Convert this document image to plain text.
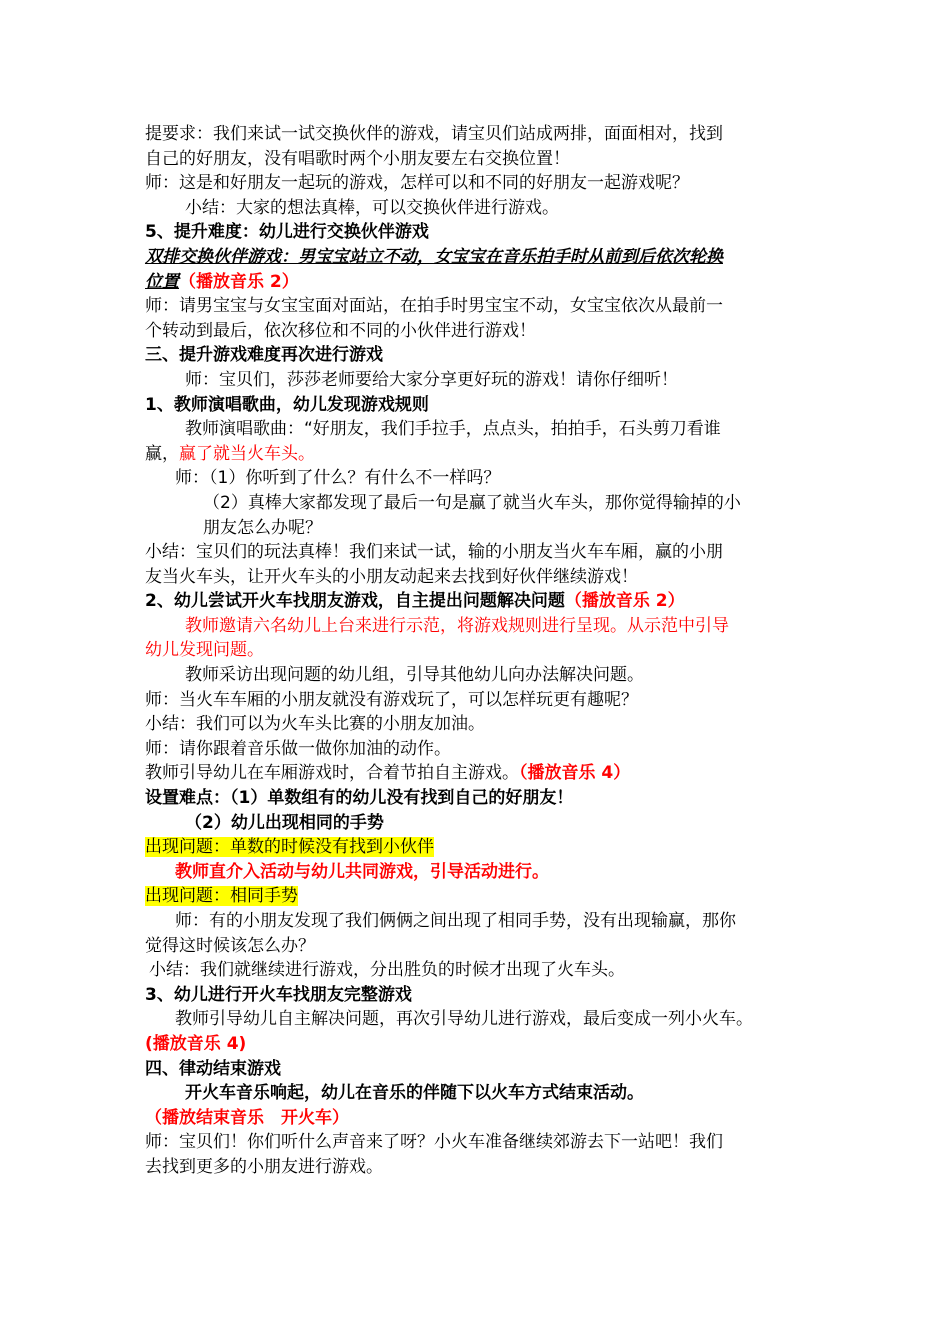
提要求：我们来试一试交换伙伴的游戏，请宝贝们站成两排，面面相对，找到
自己的好朋友，没有唱歌时两个小朋友要左右交换位置！
师：这是和好朋友一起玩的游戏，怎样可以和不同的好朋友一起游戏呢？
小结：大家的想法真棒，可以交换伙伴进行游戏。
5、提升难度：幼儿进行交换伙伴游戏
双排交换伙伴游戏：男宝宝站立不动，女宝宝在音乐拍手时从前到后依次轮换
位置（播放音乐 2）
师：请男宝宝与女宝宝面对面站，在拍手时男宝宝不动，女宝宝依次从最前一
个转动到最后，依次移位和不同的小伙伴进行游戏！
三、提升游戏难度再次进行游戏
师：宝贝们，莎莎老师要给大家分享更好玩的游戏！请你仔细听！
1、教师演唱歌曲，幼儿发现游戏规则
教师演唱歌曲：“好朋友，我们手拉手，点点头，拍拍手，石头剪刀看谁
赢，赢了就当火车头。
师：（1）你听到了什么？有什么不一样吗？
（2）真棒大家都发现了最后一句是赢了就当火车头，那你觉得输掉的小
朋友怎么办呢？
小结：宝贝们的玩法真棒！我们来试一试，输的小朋友当火车车厢，赢的小朋
友当火车头，让开火车头的小朋友动起来去找到好伙伴继续游戏！
2、幼儿尝试开火车找朋友游戏，自主提出问题解决问题（播放音乐 2）
教师邀请六名幼儿上台来进行示范，将游戏规则进行呈现。从示范中引导
幼儿发现问题。
教师采访出现问题的幼儿组，引导其他幼儿向办法解决问题。
师：当火车车厢的小朋友就没有游戏玩了，可以怎样玩更有趣呢？
小结：我们可以为火车头比赛的小朋友加油。
师：请你跟着音乐做一做你加油的动作。
教师引导幼儿在车厢游戏时，合着节拍自主游戏。（播放音乐 4）
设置难点：（1）单数组有的幼儿没有找到自己的好朋友！
（2）幼儿出现相同的手势
出现问题：单数的时候没有找到小伙伴
教师直介入活动与幼儿共同游戏，引导活动进行。
出现问题：相同手势
师：有的小朋友发现了我们俩俩之间出现了相同手势，没有出现输赢，那你
觉得这时候该怎么办？
小结：我们就继续进行游戏，分出胜负的时候才出现了火车头。
3、幼儿进行开火车找朋友完整游戏
教师引导幼儿自主解决问题，再次引导幼儿进行游戏，最后变成一列小火车。
(播放音乐 4)
四、律动结束游戏
开火车音乐响起，幼儿在音乐的伴随下以火车方式结束活动。
（播放结束音乐　开火车）
师：宝贝们！你们听什么声音来了呀？小火车准备继续郊游去下一站吧！我们
去找到更多的小朋友进行游戏。
